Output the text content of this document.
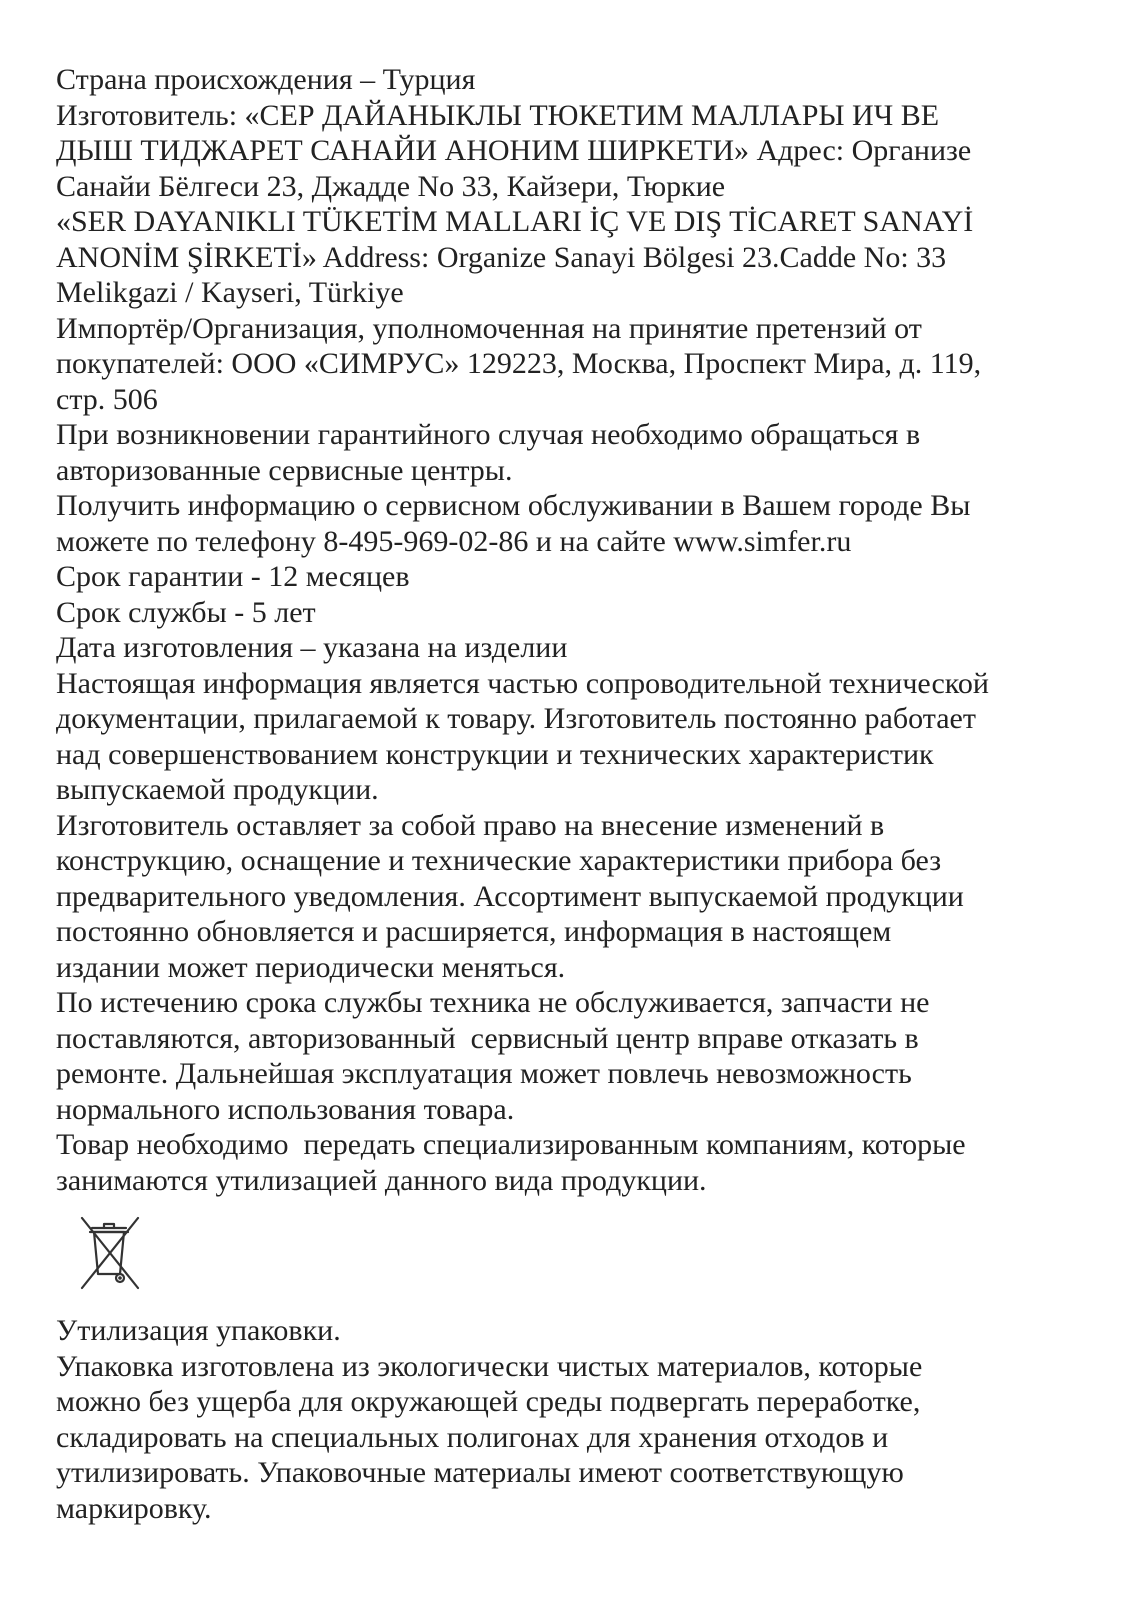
Страна происхождения – Турция

Изготовитель: «СЕР ДАЙАНЫКЛЫ ТЮКЕТИМ МАЛЛАРЫ ИЧ ВЕ
ДЫШ ТИДЖАРЕТ САНАЙИ АНОНИМ ШИРКЕТИ» Адрес: Организе
Санайи Бёлгеси 23, Джадде No 33, Кайзери, Тюркие

«SER DAYANIKLI TÜKETİM MALLARI İÇ VE DIŞ TİCARET SANAYİ
ANONİM ŞİRKETİ» Address: Organize Sanayi Bölgesi 23.Cadde No: 33
Melikgazi / Kayseri, Türkiye

Импортёр/Организация, уполномоченная на принятие претензий от
покупателей: ООО «СИМРУС» 129223, Москва, Проспект Мира, д. 119,
стр. 506

При возникновении гарантийного случая необходимо обращаться в
авторизованные сервисные центры.

Получить информацию о сервисном обслуживании в Вашем городе Вы
можете по телефону 8-495-969-02-86 и на сайте www.simfer.ru

Срок гарантии - 12 месяцев

Срок службы - 5 лет

Дата изготовления – указана на изделии

Настоящая информация является частью сопроводительной технической
документации, прилагаемой к товару. Изготовитель постоянно работает
над совершенствованием конструкции и технических характеристик
выпускаемой продукции.

Изготовитель оставляет за собой право на внесение изменений в
конструкцию, оснащение и технические характеристики прибора без
предварительного уведомления. Ассортимент выпускаемой продукции
постоянно обновляется и расширяется, информация в настоящем
издании может периодически меняться.

По истечению срока службы техника не обслуживается, запчасти не
поставляются, авторизованный  сервисный центр вправе отказать в
ремонте. Дальнейшая эксплуатация может повлечь невозможность
нормального использования товара.

Товар необходимо  передать специализированным компаниям, которые
занимаются утилизацией данного вида продукции.

Утилизация упаковки.

Упаковка изготовлена из экологически чистых материалов, которые
можно без ущерба для окружающей среды подвергать переработке,
складировать на специальных полигонах для хранения отходов и
утилизировать. Упаковочные материалы имеют соответствующую
маркировку.
